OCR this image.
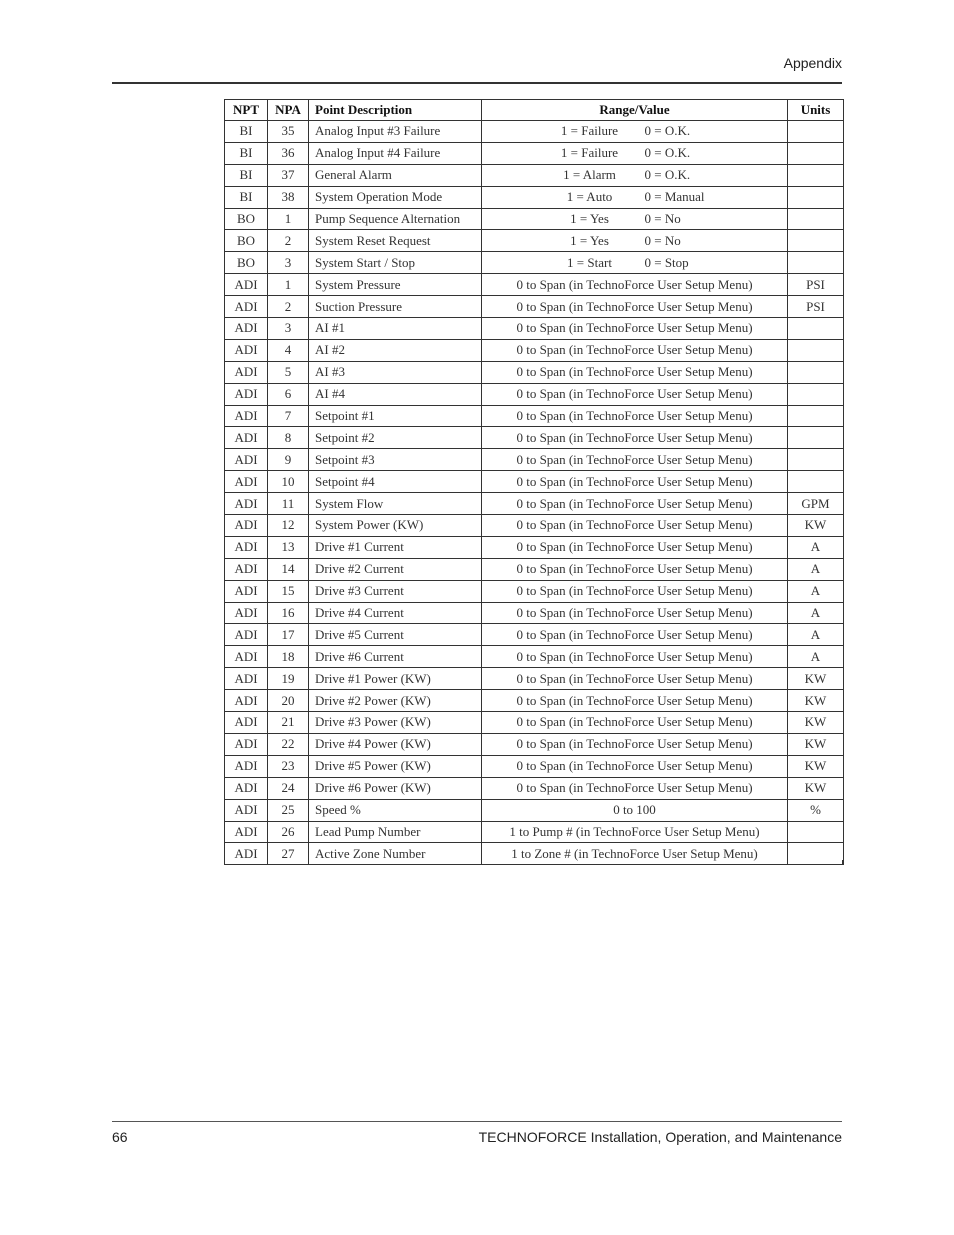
Appendix
NPT	NPA	Point Description	Range/Value	Units
BI	35	Analog Input #3 Failure	1 = Failure 0 = O.K.	
BI	36	Analog Input #4 Failure	1 = Failure 0 = O.K.	
BI	37	General Alarm	1 = Alarm 0 = O.K.	
BI	38	System Operation Mode	1 = Auto 0 = Manual	
BO	1	Pump Sequence Alternation	1 = Yes 0 = No	
BO	2	System Reset Request	1 = Yes 0 = No	
BO	3	System Start / Stop	1 = Start 0 = Stop	
ADI	1	System Pressure	0 to Span (in TechnoForce User Setup Menu)	PSI
ADI	2	Suction Pressure	0 to Span (in TechnoForce User Setup Menu)	PSI
ADI	3	AI #1	0 to Span (in TechnoForce User Setup Menu)	
ADI	4	AI #2	0 to Span (in TechnoForce User Setup Menu)	
ADI	5	AI #3	0 to Span (in TechnoForce User Setup Menu)	
ADI	6	AI #4	0 to Span (in TechnoForce User Setup Menu)	
ADI	7	Setpoint #1	0 to Span (in TechnoForce User Setup Menu)	
ADI	8	Setpoint #2	0 to Span (in TechnoForce User Setup Menu)	
ADI	9	Setpoint #3	0 to Span (in TechnoForce User Setup Menu)	
ADI	10	Setpoint #4	0 to Span (in TechnoForce User Setup Menu)	
ADI	11	System Flow	0 to Span (in TechnoForce User Setup Menu)	GPM
ADI	12	System Power (KW)	0 to Span (in TechnoForce User Setup Menu)	KW
ADI	13	Drive #1 Current	0 to Span (in TechnoForce User Setup Menu)	A
ADI	14	Drive #2 Current	0 to Span (in TechnoForce User Setup Menu)	A
ADI	15	Drive #3 Current	0 to Span (in TechnoForce User Setup Menu)	A
ADI	16	Drive #4 Current	0 to Span (in TechnoForce User Setup Menu)	A
ADI	17	Drive #5 Current	0 to Span (in TechnoForce User Setup Menu)	A
ADI	18	Drive #6 Current	0 to Span (in TechnoForce User Setup Menu)	A
ADI	19	Drive #1 Power (KW)	0 to Span (in TechnoForce User Setup Menu)	KW
ADI	20	Drive #2 Power (KW)	0 to Span (in TechnoForce User Setup Menu)	KW
ADI	21	Drive #3 Power (KW)	0 to Span (in TechnoForce User Setup Menu)	KW
ADI	22	Drive #4 Power (KW)	0 to Span (in TechnoForce User Setup Menu)	KW
ADI	23	Drive #5 Power (KW)	0 to Span (in TechnoForce User Setup Menu)	KW
ADI	24	Drive #6 Power (KW)	0 to Span (in TechnoForce User Setup Menu)	KW
ADI	25	Speed %	0 to 100	%
ADI	26	Lead Pump Number	1 to Pump # (in TechnoForce User Setup Menu)	
ADI	27	Active Zone Number	1 to Zone # (in TechnoForce User Setup Menu)	
66	TECHNOFORCE Installation, Operation, and Maintenance
